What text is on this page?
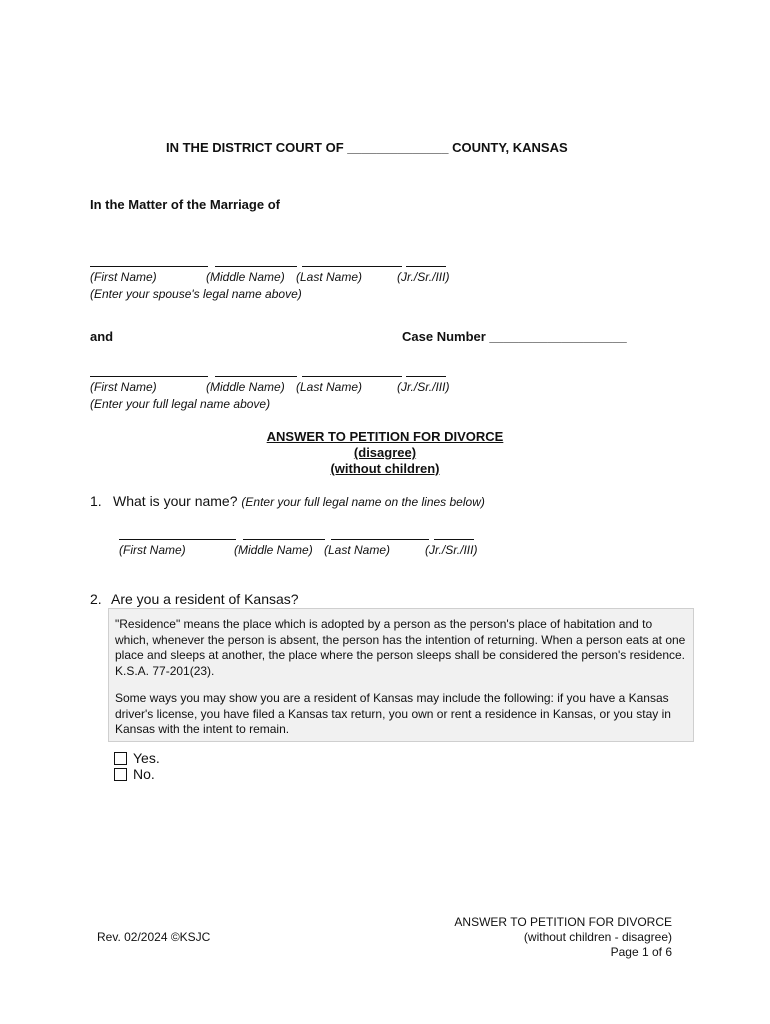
IN THE DISTRICT COURT OF ______________ COUNTY, KANSAS
In the Matter of the Marriage of
(First Name)	(Middle Name) (Last Name)	(Jr./Sr./III)
(Enter your spouse's legal name above)
and	Case Number ___________________
(First Name)	(Middle Name) (Last Name)	(Jr./Sr./III)
(Enter your full legal name above)
ANSWER TO PETITION FOR DIVORCE
(disagree)
(without children)
1. What is your name? (Enter your full legal name on the lines below)
(First Name)	(Middle Name) (Last Name)	(Jr./Sr./III)
2. Are you a resident of Kansas?

"Residence" means the place which is adopted by a person as the person's place of habitation and to which, whenever the person is absent, the person has the intention of returning. When a person eats at one place and sleeps at another, the place where the person sleeps shall be considered the person's residence. K.S.A. 77-201(23).

Some ways you may show you are a resident of Kansas may include the following: if you have a Kansas driver's license, you have filed a Kansas tax return, you own or rent a residence in Kansas, or you stay in Kansas with the intent to remain.

Yes.
No.
Rev. 02/2024 ©KSJC
ANSWER TO PETITION FOR DIVORCE
(without children - disagree)
Page 1 of 6
